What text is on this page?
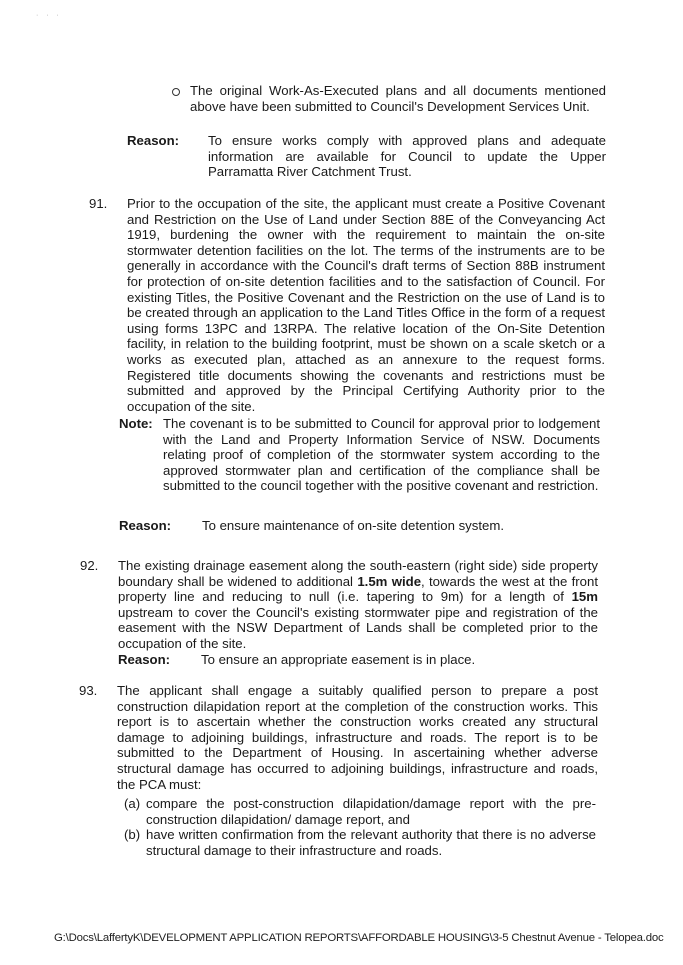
· · ·
The original Work-As-Executed plans and all documents mentioned above have been submitted to Council's Development Services Unit.
Reason: To ensure works comply with approved plans and adequate information are available for Council to update the Upper Parramatta River Catchment Trust.
91. Prior to the occupation of the site, the applicant must create a Positive Covenant and Restriction on the Use of Land under Section 88E of the Conveyancing Act 1919, burdening the owner with the requirement to maintain the on-site stormwater detention facilities on the lot. The terms of the instruments are to be generally in accordance with the Council's draft terms of Section 88B instrument for protection of on-site detention facilities and to the satisfaction of Council. For existing Titles, the Positive Covenant and the Restriction on the use of Land is to be created through an application to the Land Titles Office in the form of a request using forms 13PC and 13RPA. The relative location of the On-Site Detention facility, in relation to the building footprint, must be shown on a scale sketch or a works as executed plan, attached as an annexure to the request forms. Registered title documents showing the covenants and restrictions must be submitted and approved by the Principal Certifying Authority prior to the occupation of the site.
Note: The covenant is to be submitted to Council for approval prior to lodgement with the Land and Property Information Service of NSW. Documents relating proof of completion of the stormwater system according to the approved stormwater plan and certification of the compliance shall be submitted to the council together with the positive covenant and restriction.
Reason: To ensure maintenance of on-site detention system.
92. The existing drainage easement along the south-eastern (right side) side property boundary shall be widened to additional 1.5m wide, towards the west at the front property line and reducing to null (i.e. tapering to 9m) for a length of 15m upstream to cover the Council's existing stormwater pipe and registration of the easement with the NSW Department of Lands shall be completed prior to the occupation of the site.
Reason: To ensure an appropriate easement is in place.
93. The applicant shall engage a suitably qualified person to prepare a post construction dilapidation report at the completion of the construction works. This report is to ascertain whether the construction works created any structural damage to adjoining buildings, infrastructure and roads. The report is to be submitted to the Department of Housing. In ascertaining whether adverse structural damage has occurred to adjoining buildings, infrastructure and roads, the PCA must:
(a) compare the post-construction dilapidation/damage report with the pre-construction dilapidation/ damage report, and
(b) have written confirmation from the relevant authority that there is no adverse structural damage to their infrastructure and roads.
G:\Docs\LaffertyK\DEVELOPMENT APPLICATION REPORTS\AFFORDABLE HOUSING\3-5 Chestnut Avenue - Telopea.doc
